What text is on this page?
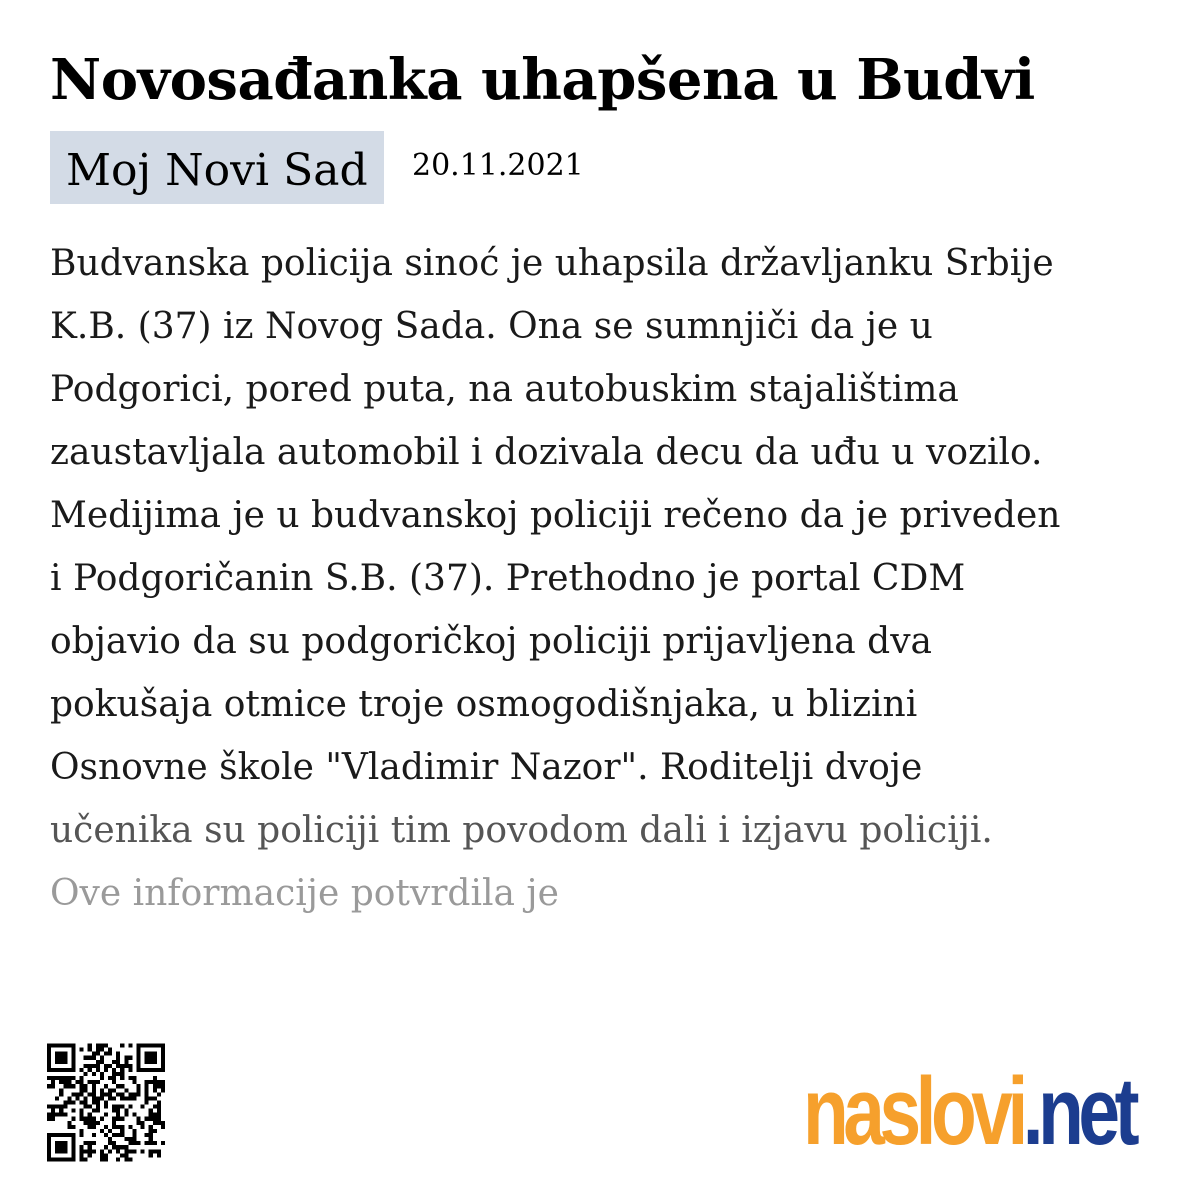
Novosađanka uhapšena u Budvi
Moj Novi Sad	20.11.2021
Budvanska policija sinoć je uhapsila državljanku Srbije
K.B. (37) iz Novog Sada. Ona se sumnjiči da je u
Podgorici, pored puta, na autobuskim stajalištima
zaustavljala automobil i dozivala decu da uđu u vozilo.
Medijima je u budvanskoj policiji rečeno da je priveden
i Podgoričanin S.B. (37). Prethodno je portal CDM
objavio da su podgoričkoj policiji prijavljena dva
pokušaja otmice troje osmogodišnjaka, u blizini
Osnovne škole "Vladimir Nazor". Roditelji dvoje
učenika su policiji tim povodom dali i izjavu policiji.
Ove informacije potvrdila je
naslovi.net
